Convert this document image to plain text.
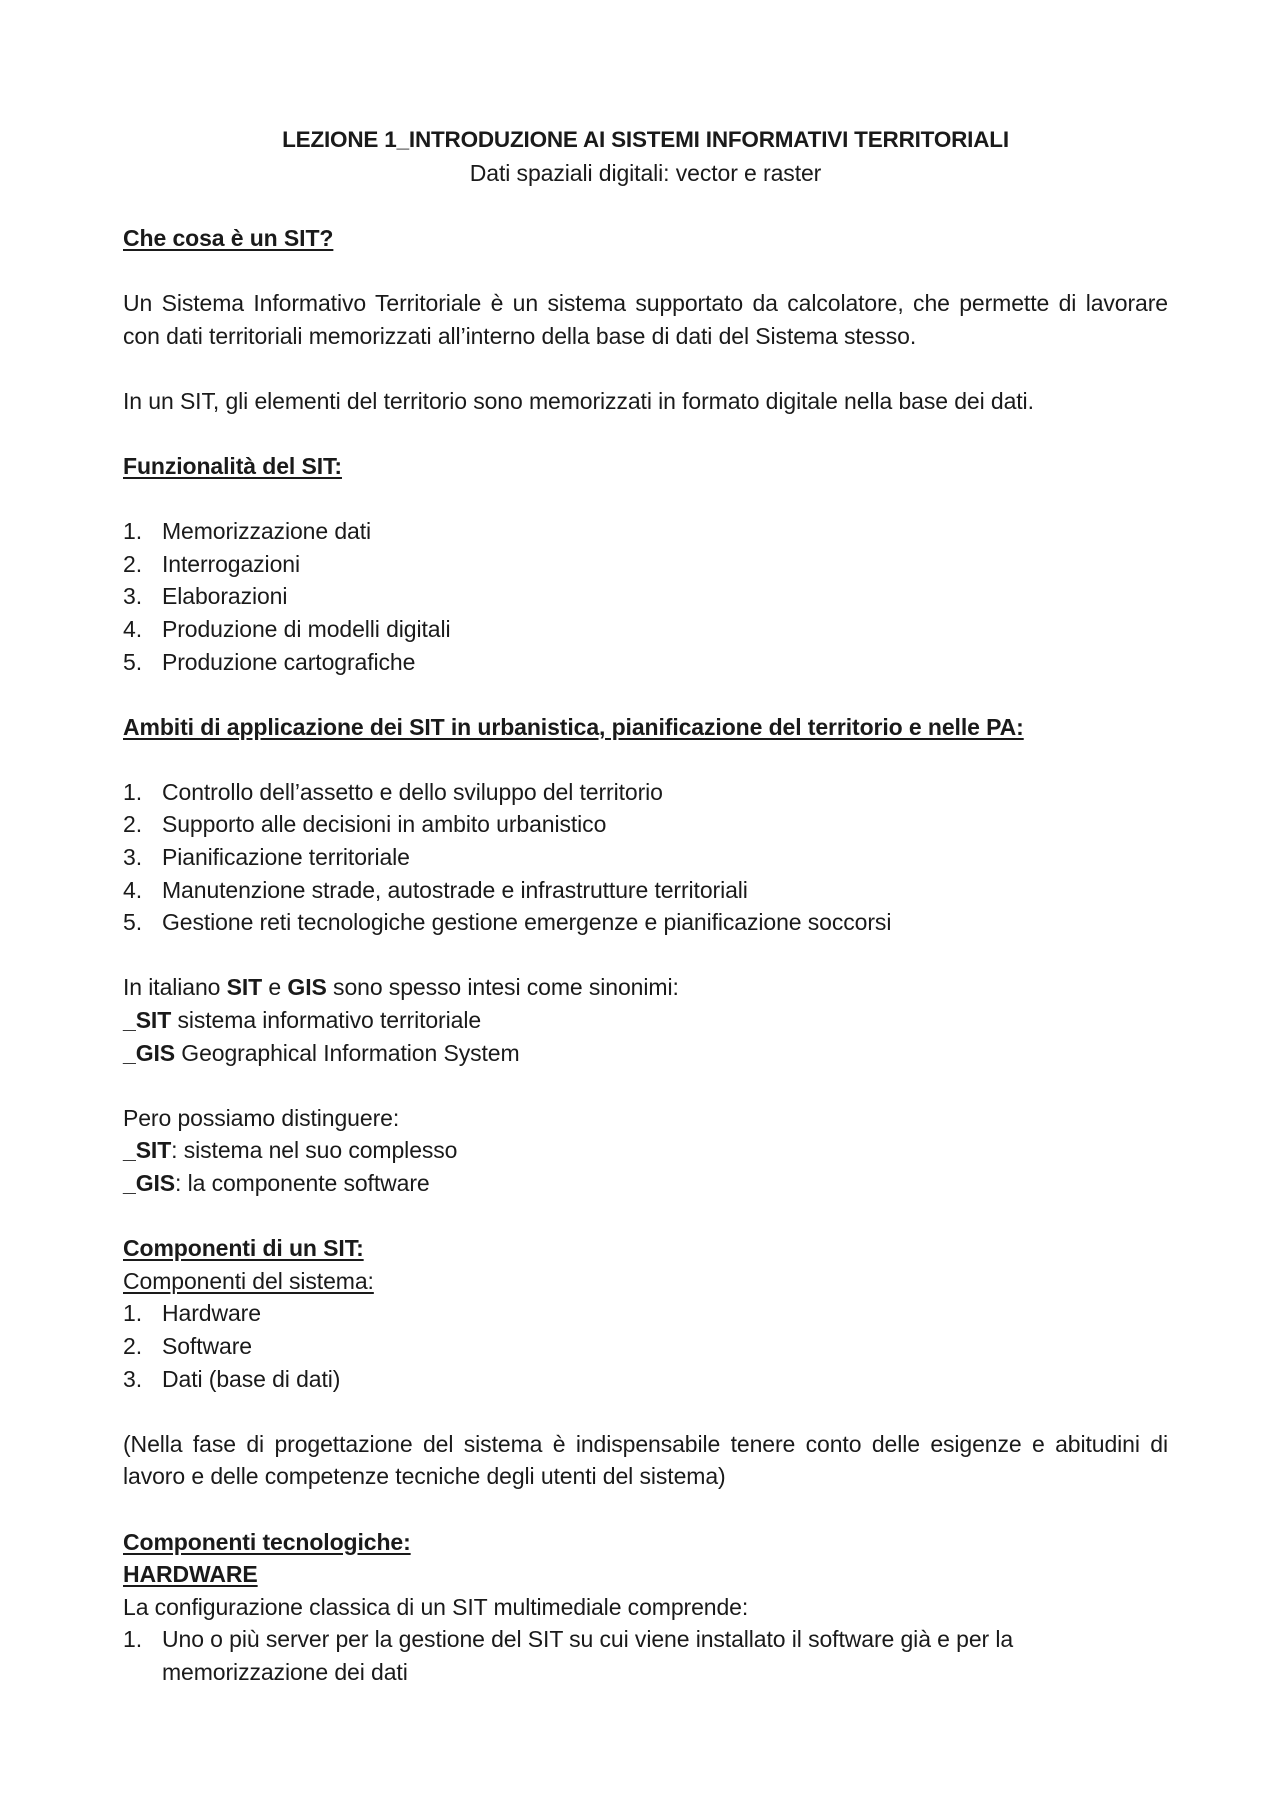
LEZIONE 1_INTRODUZIONE AI SISTEMI INFORMATIVI TERRITORIALI
Dati spaziali digitali: vector e raster
Che cosa è un SIT?
Un Sistema Informativo Territoriale è un sistema supportato da calcolatore, che permette di lavorare con dati territoriali memorizzati all’interno della base di dati del Sistema stesso.
In un SIT, gli elementi del territorio sono memorizzati in formato digitale nella base dei dati.
Funzionalità del SIT:
1. Memorizzazione dati
2. Interrogazioni
3. Elaborazioni
4. Produzione di modelli digitali
5. Produzione cartografiche
Ambiti di applicazione dei SIT in urbanistica, pianificazione del territorio e nelle PA:
1. Controllo dell’assetto e dello sviluppo del territorio
2. Supporto alle decisioni in ambito urbanistico
3. Pianificazione territoriale
4. Manutenzione strade, autostrade e infrastrutture territoriali
5. Gestione reti tecnologiche gestione emergenze e pianificazione soccorsi
In italiano SIT e GIS sono spesso intesi come sinonimi:
_SIT sistema informativo territoriale
_GIS Geographical Information System
Pero possiamo distinguere:
_SIT: sistema nel suo complesso
_GIS: la componente software
Componenti di un SIT:
Componenti del sistema:
1. Hardware
2. Software
3. Dati (base di dati)
(Nella fase di progettazione del sistema è indispensabile tenere conto delle esigenze e abitudini di lavoro e delle competenze tecniche degli utenti del sistema)
Componenti tecnologiche:
HARDWARE
La configurazione classica di un SIT multimediale comprende:
1. Uno o più server per la gestione del SIT su cui viene installato il software già e per la memorizzazione dei dati
